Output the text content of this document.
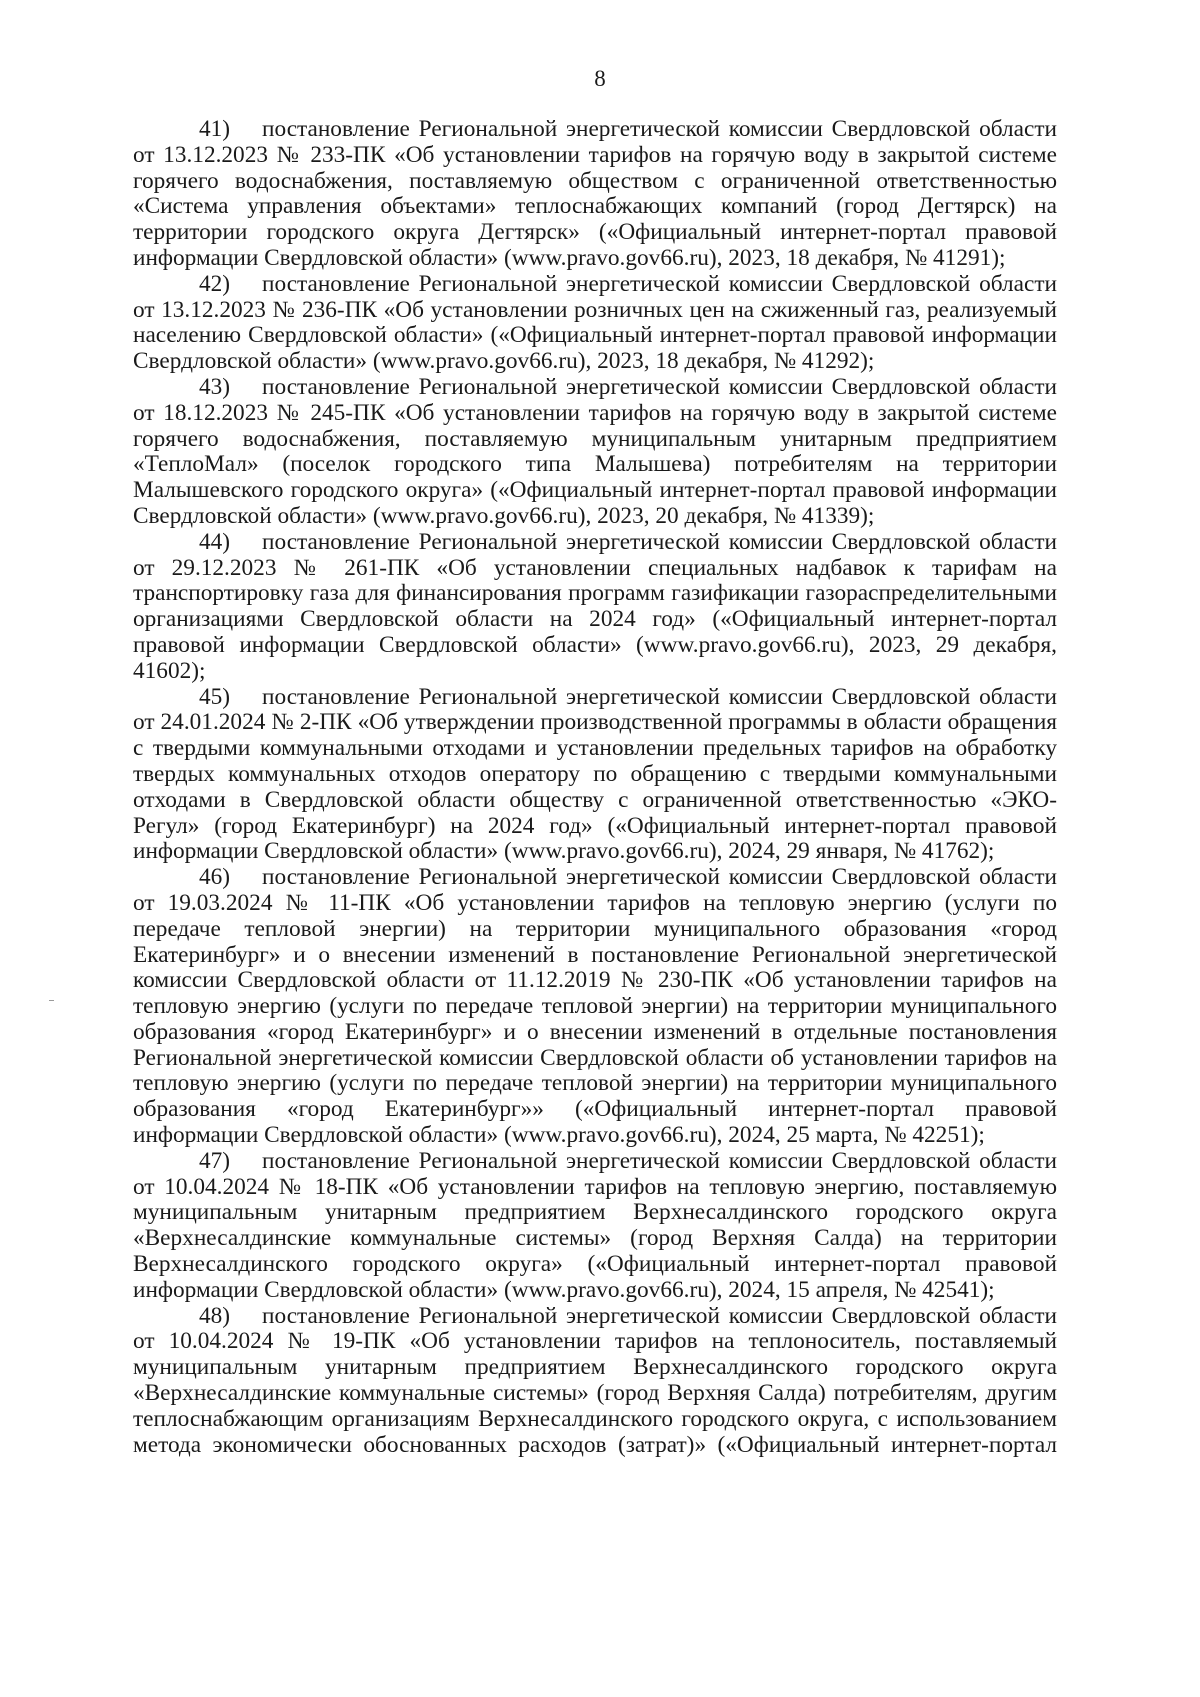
8

41) постановление Региональной энергетической комиссии Свердловской области от 13.12.2023 № 233-ПК «Об установлении тарифов на горячую воду в закрытой системе горячего водоснабжения, поставляемую обществом с ограниченной ответственностью «Система управления объектами» теплоснабжающих компаний (город Дегтярск) на территории городского округа Дегтярск» («Официальный интернет-портал правовой информации Свердловской области» (www.pravo.gov66.ru), 2023, 18 декабря, № 41291);

42) постановление Региональной энергетической комиссии Свердловской области от 13.12.2023 № 236-ПК «Об установлении розничных цен на сжиженный газ, реализуемый населению Свердловской области» («Официальный интернет-портал правовой информации Свердловской области» (www.pravo.gov66.ru), 2023, 18 декабря, № 41292);

43) постановление Региональной энергетической комиссии Свердловской области от 18.12.2023 № 245-ПК «Об установлении тарифов на горячую воду в закрытой системе горячего водоснабжения, поставляемую муниципальным унитарным предприятием «ТеплоМал» (поселок городского типа Малышева) потребителям на территории Малышевского городского округа» («Официальный интернет-портал правовой информации Свердловской области» (www.pravo.gov66.ru), 2023, 20 декабря, № 41339);

44) постановление Региональной энергетической комиссии Свердловской области от 29.12.2023 № 261-ПК «Об установлении специальных надбавок к тарифам на транспортировку газа для финансирования программ газификации газораспределительными организациями Свердловской области на 2024 год» («Официальный интернет-портал правовой информации Свердловской области» (www.pravo.gov66.ru), 2023, 29 декабря, 41602);

45) постановление Региональной энергетической комиссии Свердловской области от 24.01.2024 № 2-ПК «Об утверждении производственной программы в области обращения с твердыми коммунальными отходами и установлении предельных тарифов на обработку твердых коммунальных отходов оператору по обращению с твердыми коммунальными отходами в Свердловской области обществу с ограниченной ответственностью «ЭКО-Регул» (город Екатеринбург) на 2024 год» («Официальный интернет-портал правовой информации Свердловской области» (www.pravo.gov66.ru), 2024, 29 января, № 41762);

46) постановление Региональной энергетической комиссии Свердловской области от 19.03.2024 № 11-ПК «Об установлении тарифов на тепловую энергию (услуги по передаче тепловой энергии) на территории муниципального образования «город Екатеринбург» и о внесении изменений в постановление Региональной энергетической комиссии Свердловской области от 11.12.2019 № 230-ПК «Об установлении тарифов на тепловую энергию (услуги по передаче тепловой энергии) на территории муниципального образования «город Екатеринбург» и о внесении изменений в отдельные постановления Региональной энергетической комиссии Свердловской области об установлении тарифов на тепловую энергию (услуги по передаче тепловой энергии) на территории муниципального образования «город Екатеринбург»» («Официальный интернет-портал правовой информации Свердловской области» (www.pravo.gov66.ru), 2024, 25 марта, № 42251);

47) постановление Региональной энергетической комиссии Свердловской области от 10.04.2024 № 18-ПК «Об установлении тарифов на тепловую энергию, поставляемую муниципальным унитарным предприятием Верхнесалдинского городского округа «Верхнесалдинские коммунальные системы» (город Верхняя Салда) на территории Верхнесалдинского городского округа» («Официальный интернет-портал правовой информации Свердловской области» (www.pravo.gov66.ru), 2024, 15 апреля, № 42541);

48) постановление Региональной энергетической комиссии Свердловской области от 10.04.2024 № 19-ПК «Об установлении тарифов на теплоноситель, поставляемый муниципальным унитарным предприятием Верхнесалдинского городского округа «Верхнесалдинские коммунальные системы» (город Верхняя Салда) потребителям, другим теплоснабжающим организациям Верхнесалдинского городского округа, с использованием метода экономически обоснованных расходов (затрат)» («Официальный интернет-портал
